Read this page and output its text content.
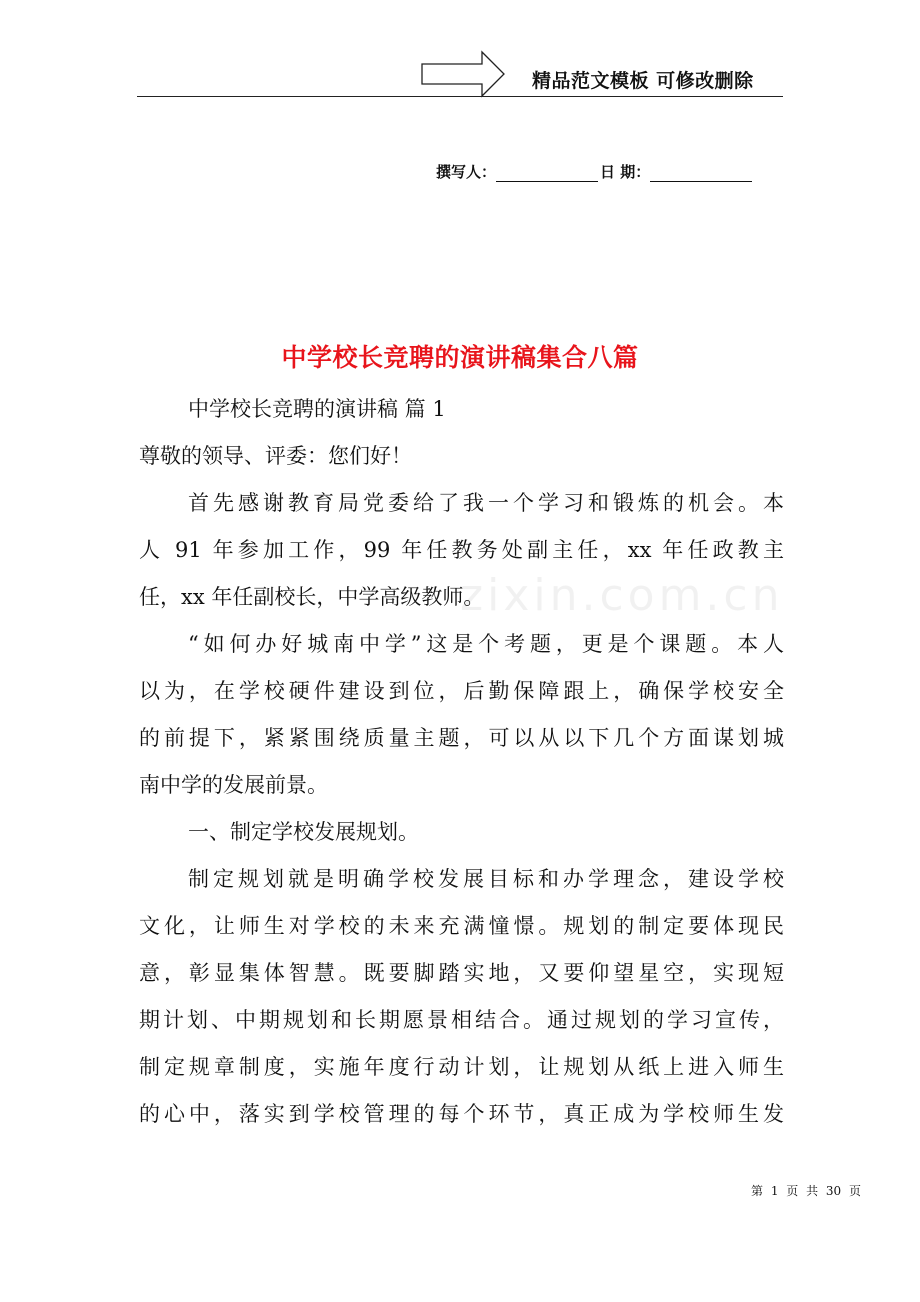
精品范文模板 可修改删除
撰写人：	日 期：
zixin.com.cn
中学校长竞聘的演讲稿集合八篇
中学校长竞聘的演讲稿 篇 1
尊敬的领导、评委：您们好！
首先感谢教育局党委给了我一个学习和锻炼的机会。本
人 91 年参加工作，99 年任教务处副主任，xx 年任政教主
任，xx 年任副校长，中学高级教师。
“如何办好城南中学”这是个考题，更是个课题。本人
以为，在学校硬件建设到位，后勤保障跟上，确保学校安全
的前提下，紧紧围绕质量主题，可以从以下几个方面谋划城
南中学的发展前景。
一、制定学校发展规划。
制定规划就是明确学校发展目标和办学理念，建设学校
文化，让师生对学校的未来充满憧憬。规划的制定要体现民
意，彰显集体智慧。既要脚踏实地，又要仰望星空，实现短
期计划、中期规划和长期愿景相结合。通过规划的学习宣传，
制定规章制度，实施年度行动计划，让规划从纸上进入师生
的心中，落实到学校管理的每个环节，真正成为学校师生发
第 1 页 共 30 页
